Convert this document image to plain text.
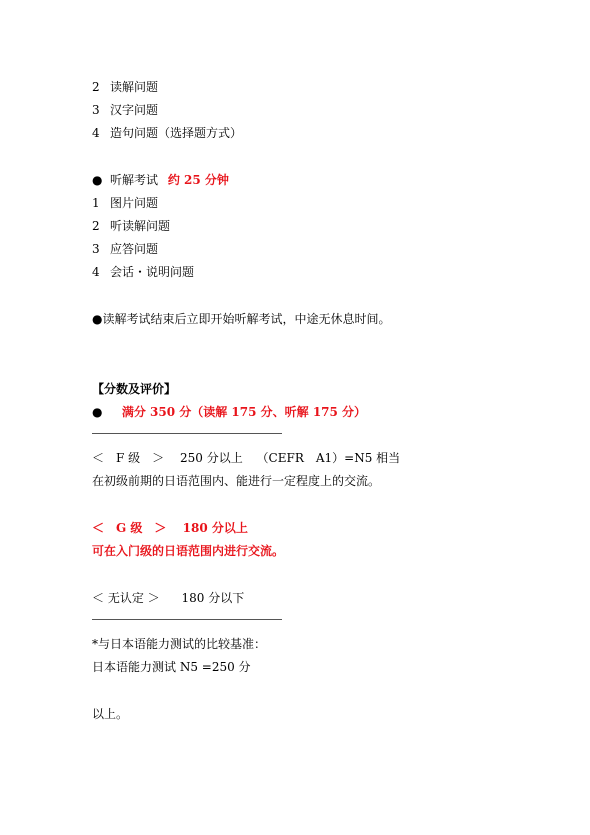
2 读解问题
3 汉字问题
4 造句问题（选择题方式）
● 听解考试 约 25 分钟
1 图片问题
2 听读解问题
3 应答问题
4 会话・说明问题
●读解考试结束后立即开始听解考试，中途无休息时间。
【分数及评价】
● 满分 350 分（读解 175 分、听解 175 分）
＜　F 级　＞ 250 分以上 （CEFR　A1）=N5 相当
在初级前期的日语范围内、能进行一定程度上的交流。
＜　G 级　＞ 180 分以上
可在入门级的日语范围内进行交流。
＜ 无认定 ＞ 180 分以下
*与日本语能力测试的比较基准：
日本语能力测试 N5 =250 分
以上。
